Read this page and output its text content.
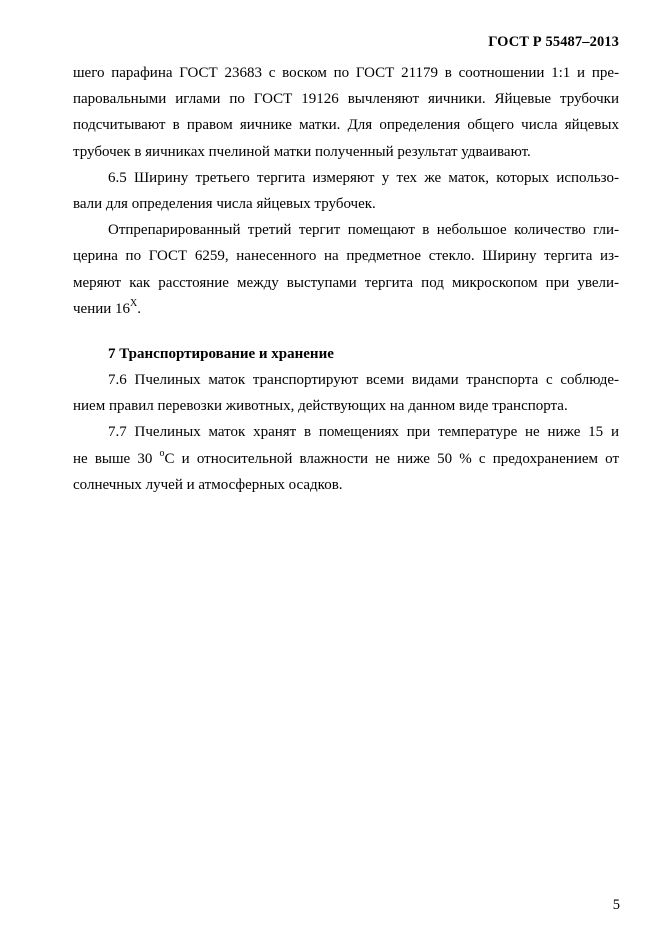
ГОСТ Р 55487–2013
шего парафина ГОСТ 23683 с воском по ГОСТ 21179 в соотношении 1:1 и пре-
паровальными иглами по ГОСТ 19126 вычленяют яичники. Яйцевые трубочки
подсчитывают в правом яичнике матки. Для определения общего числа яйцевых
трубочек в яичниках пчелиной матки полученный результат удваивают.
6.5 Ширину третьего тергита измеряют у тех же маток, которых использо-
вали для определения числа яйцевых трубочек.
Отпрепарированный третий тергит помещают в небольшое количество гли-
церина по ГОСТ 6259, нанесенного на предметное стекло. Ширину тергита из-
меряют как расстояние между выступами тергита под микроскопом при увели-
чении $16^Х$.
7 Транспортирование и хранение
7.6 Пчелиных маток транспортируют всеми видами транспорта с соблюде-
нием правил перевозки животных, действующих на данном виде транспорта.
7.7 Пчелиных маток хранят в помещениях при температуре не ниже 15 и
не выше 30 $^о$С и относительной влажности не ниже 50 % с предохранением от
солнечных лучей и атмосферных осадков.
5
